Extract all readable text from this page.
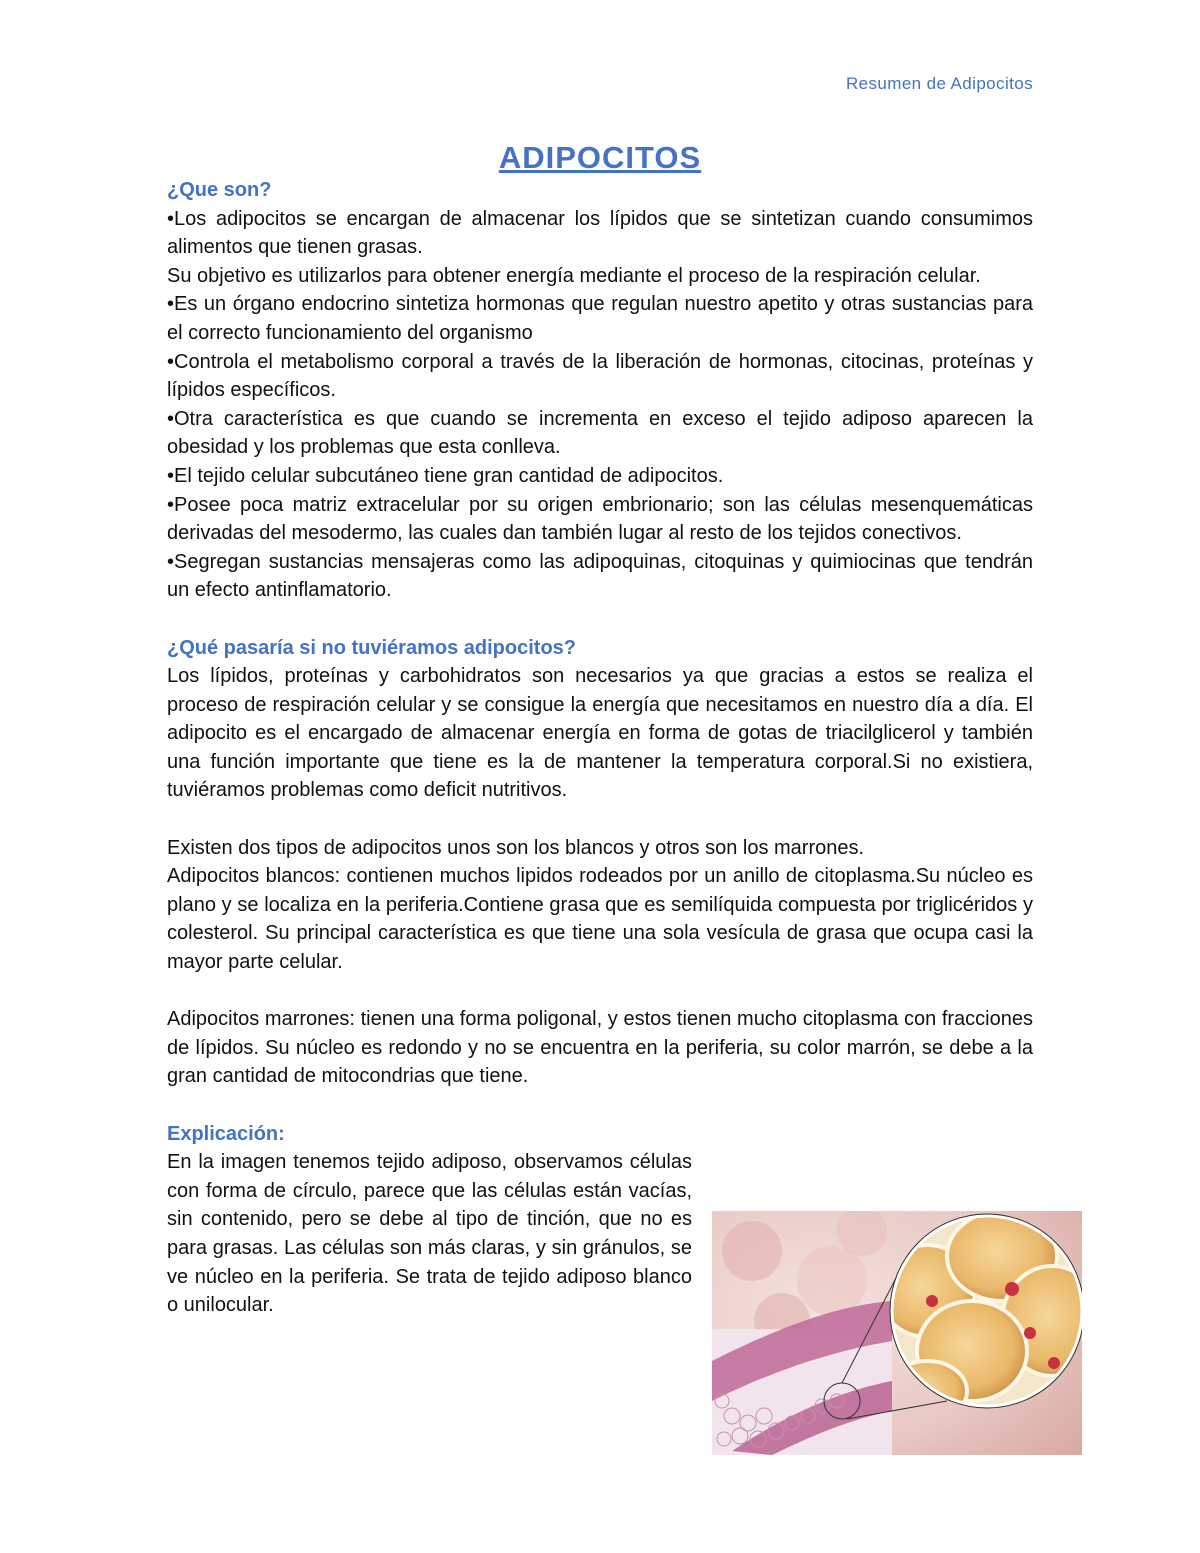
Resumen de Adipocitos
ADIPOCITOS
¿Que son?

•Los adipocitos se encargan de almacenar los lípidos que se sintetizan cuando consumimos alimentos que tienen grasas.

Su objetivo es utilizarlos para obtener energía mediante el proceso de la respiración celular.

•Es un órgano endocrino sintetiza hormonas que regulan nuestro apetito y otras sustancias para el correcto funcionamiento del organismo

•Controla el metabolismo corporal a través de la liberación de hormonas, citocinas, proteínas y lípidos específicos.

•Otra característica es que cuando se incrementa en exceso el tejido adiposo aparecen la obesidad y los problemas que esta conlleva.

•El tejido celular subcutáneo tiene gran cantidad de adipocitos.

•Posee poca matriz extracelular por su origen embrionario; son las células mesenquemáticas derivadas del mesodermo, las cuales dan también lugar al resto de los tejidos conectivos.

•Segregan sustancias mensajeras como las adipoquinas, citoquinas y quimiocinas que tendrán un efecto antinflamatorio.

¿Qué pasaría si no tuviéramos adipocitos?

Los lípidos, proteínas y carbohidratos son necesarios ya que gracias a estos se realiza el proceso de respiración celular y se consigue la energía que necesitamos en nuestro día a día. El adipocito es el encargado de almacenar energía en forma de gotas de triacilglicerol y también una función importante que tiene es la de mantener la temperatura corporal.Si no existiera, tuviéramos problemas como deficit nutritivos.

Existen dos tipos de adipocitos unos son los blancos y otros son los marrones.

Adipocitos blancos: contienen muchos lipidos rodeados por un anillo de citoplasma.Su núcleo es plano y se localiza en la periferia.Contiene grasa que es semilíquida compuesta por triglicéridos y colesterol. Su principal característica es que tiene una sola vesícula de grasa que ocupa casi la mayor parte celular.

Adipocitos marrones: tienen una forma poligonal, y estos tienen mucho citoplasma con fracciones de lípidos. Su núcleo es redondo y no se encuentra en la periferia, su color marrón, se debe a la gran cantidad de mitocondrias que tiene.

Explicación:

En la imagen tenemos tejido adiposo, observamos células con forma de círculo, parece que las células están vacías, sin contenido, pero se debe al tipo de tinción, que no es para grasas. Las células son más claras, y sin gránulos, se ve núcleo en la periferia. Se trata de tejido adiposo blanco o unilocular.
